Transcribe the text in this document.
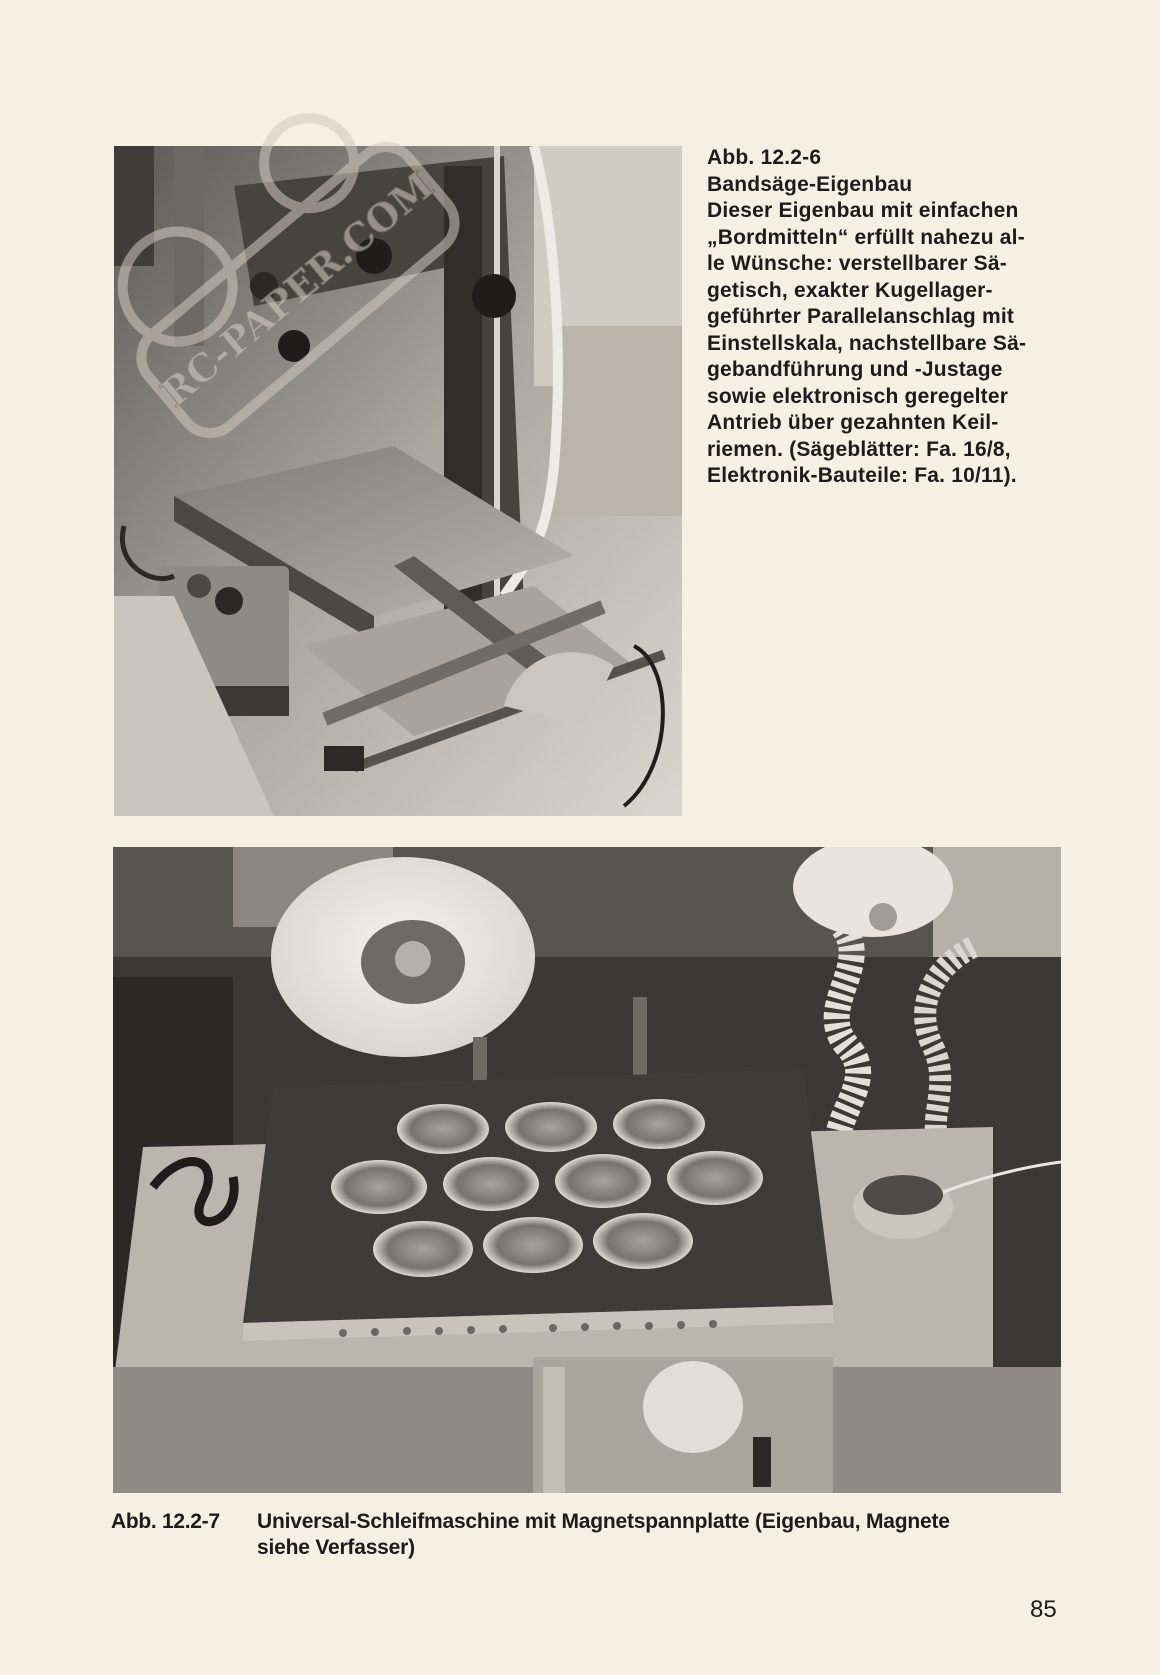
RC-PAPER.COM
Abb. 12.2-6
Bandsäge-Eigenbau
Dieser Eigenbau mit einfachen
„Bordmitteln“ erfüllt nahezu al-
le Wünsche: verstellbarer Sä-
getisch, exakter Kugellager-
geführter Parallelanschlag mit
Einstellskala, nachstellbare Sä-
gebandführung und -Justage
sowie elektronisch geregelter
Antrieb über gezahnten Keil-
riemen. (Sägeblätter: Fa. 16/8,
Elektronik-Bauteile: Fa. 10/11).
Abb. 12.2-7 Universal-Schleifmaschine mit Magnetspannplatte (Eigenbau, Magnete
siehe Verfasser)
85
